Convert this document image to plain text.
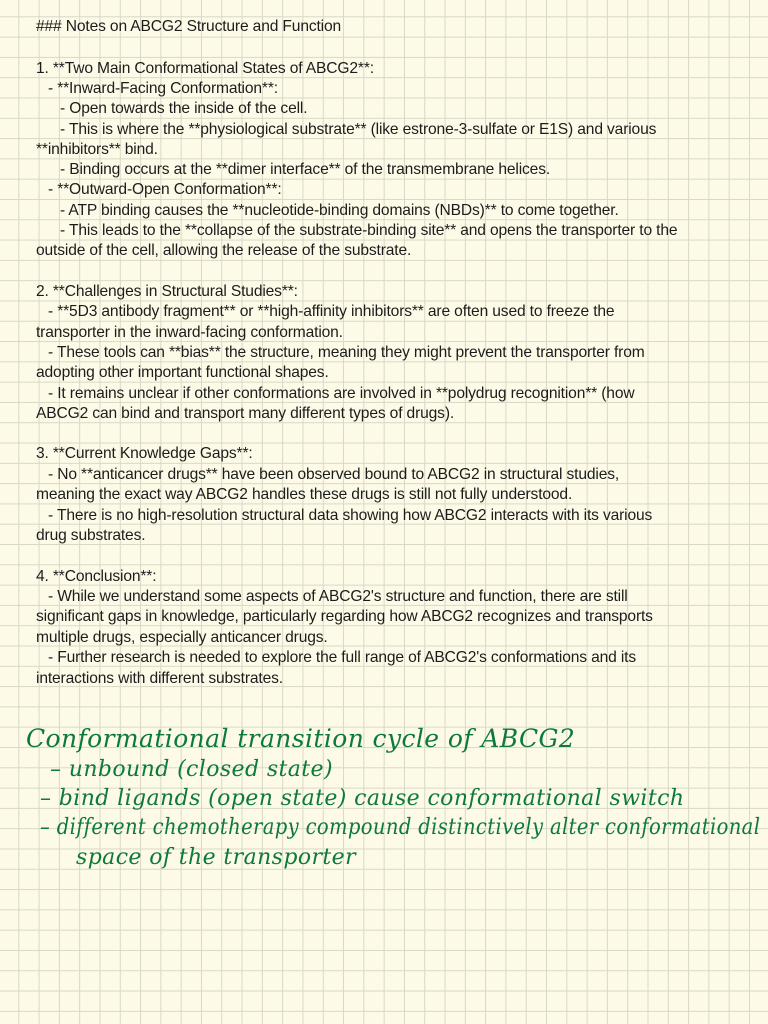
### Notes on ABCG2 Structure and Function
1. **Two Main Conformational States of ABCG2**:
- **Inward-Facing Conformation**:
- Open towards the inside of the cell.
- This is where the **physiological substrate** (like estrone-3-sulfate or E1S) and various
**inhibitors** bind.
- Binding occurs at the **dimer interface** of the transmembrane helices.
- **Outward-Open Conformation**:
- ATP binding causes the **nucleotide-binding domains (NBDs)** to come together.
- This leads to the **collapse of the substrate-binding site** and opens the transporter to the
outside of the cell, allowing the release of the substrate.
2. **Challenges in Structural Studies**:
- **5D3 antibody fragment** or **high-affinity inhibitors** are often used to freeze the
transporter in the inward-facing conformation.
- These tools can **bias** the structure, meaning they might prevent the transporter from
adopting other important functional shapes.
- It remains unclear if other conformations are involved in **polydrug recognition** (how
ABCG2 can bind and transport many different types of drugs).
3. **Current Knowledge Gaps**:
- No **anticancer drugs** have been observed bound to ABCG2 in structural studies,
meaning the exact way ABCG2 handles these drugs is still not fully understood.
- There is no high-resolution structural data showing how ABCG2 interacts with its various
drug substrates.
4. **Conclusion**:
- While we understand some aspects of ABCG2's structure and function, there are still
significant gaps in knowledge, particularly regarding how ABCG2 recognizes and transports
multiple drugs, especially anticancer drugs.
- Further research is needed to explore the full range of ABCG2's conformations and its
interactions with different substrates.
Conformational transition cycle of ABCG2
– unbound (closed state)
– bind ligands (open state) cause conformational switch
– different chemotherapy compound distinctively alter conformational
space of the transporter
